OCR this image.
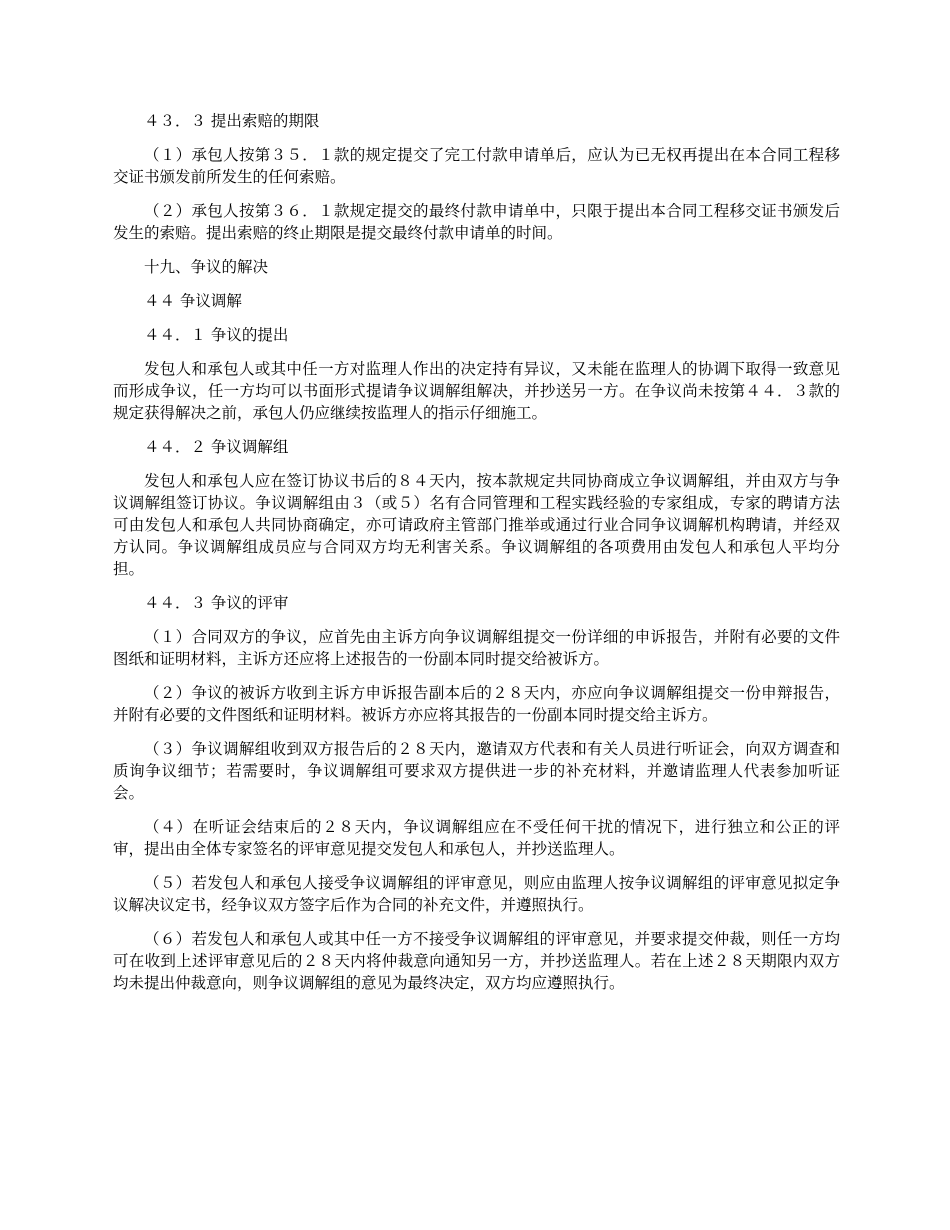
４３．３ 提出索赔的期限

（１）承包人按第３５．１款的规定提交了完工付款申请单后，应认为已无权再提出在本合同工程移交证书颁发前所发生的任何索赔。

（２）承包人按第３６．１款规定提交的最终付款申请单中，只限于提出本合同工程移交证书颁发后发生的索赔。提出索赔的终止期限是提交最终付款申请单的时间。

十九、争议的解决

４４ 争议调解

４４．１ 争议的提出

发包人和承包人或其中任一方对监理人作出的决定持有异议，又未能在监理人的协调下取得一致意见而形成争议，任一方均可以书面形式提请争议调解组解决，并抄送另一方。在争议尚未按第４４．３款的规定获得解决之前，承包人仍应继续按监理人的指示仔细施工。

４４．２ 争议调解组

发包人和承包人应在签订协议书后的８４天内，按本款规定共同协商成立争议调解组，并由双方与争议调解组签订协议。争议调解组由３（或５）名有合同管理和工程实践经验的专家组成，专家的聘请方法可由发包人和承包人共同协商确定，亦可请政府主管部门推举或通过行业合同争议调解机构聘请，并经双方认同。争议调解组成员应与合同双方均无利害关系。争议调解组的各项费用由发包人和承包人平均分担。

４４．３ 争议的评审

（１）合同双方的争议，应首先由主诉方向争议调解组提交一份详细的申诉报告，并附有必要的文件图纸和证明材料，主诉方还应将上述报告的一份副本同时提交给被诉方。

（２）争议的被诉方收到主诉方申诉报告副本后的２８天内，亦应向争议调解组提交一份申辩报告，并附有必要的文件图纸和证明材料。被诉方亦应将其报告的一份副本同时提交给主诉方。

（３）争议调解组收到双方报告后的２８天内，邀请双方代表和有关人员进行听证会，向双方调查和质询争议细节；若需要时，争议调解组可要求双方提供进一步的补充材料，并邀请监理人代表参加听证会。

（４）在听证会结束后的２８天内，争议调解组应在不受任何干扰的情况下，进行独立和公正的评审，提出由全体专家签名的评审意见提交发包人和承包人，并抄送监理人。

（５）若发包人和承包人接受争议调解组的评审意见，则应由监理人按争议调解组的评审意见拟定争议解决议定书，经争议双方签字后作为合同的补充文件，并遵照执行。

（６）若发包人和承包人或其中任一方不接受争议调解组的评审意见，并要求提交仲裁，则任一方均可在收到上述评审意见后的２８天内将仲裁意向通知另一方，并抄送监理人。若在上述２８天期限内双方均未提出仲裁意向，则争议调解组的意见为最终决定，双方均应遵照执行。
